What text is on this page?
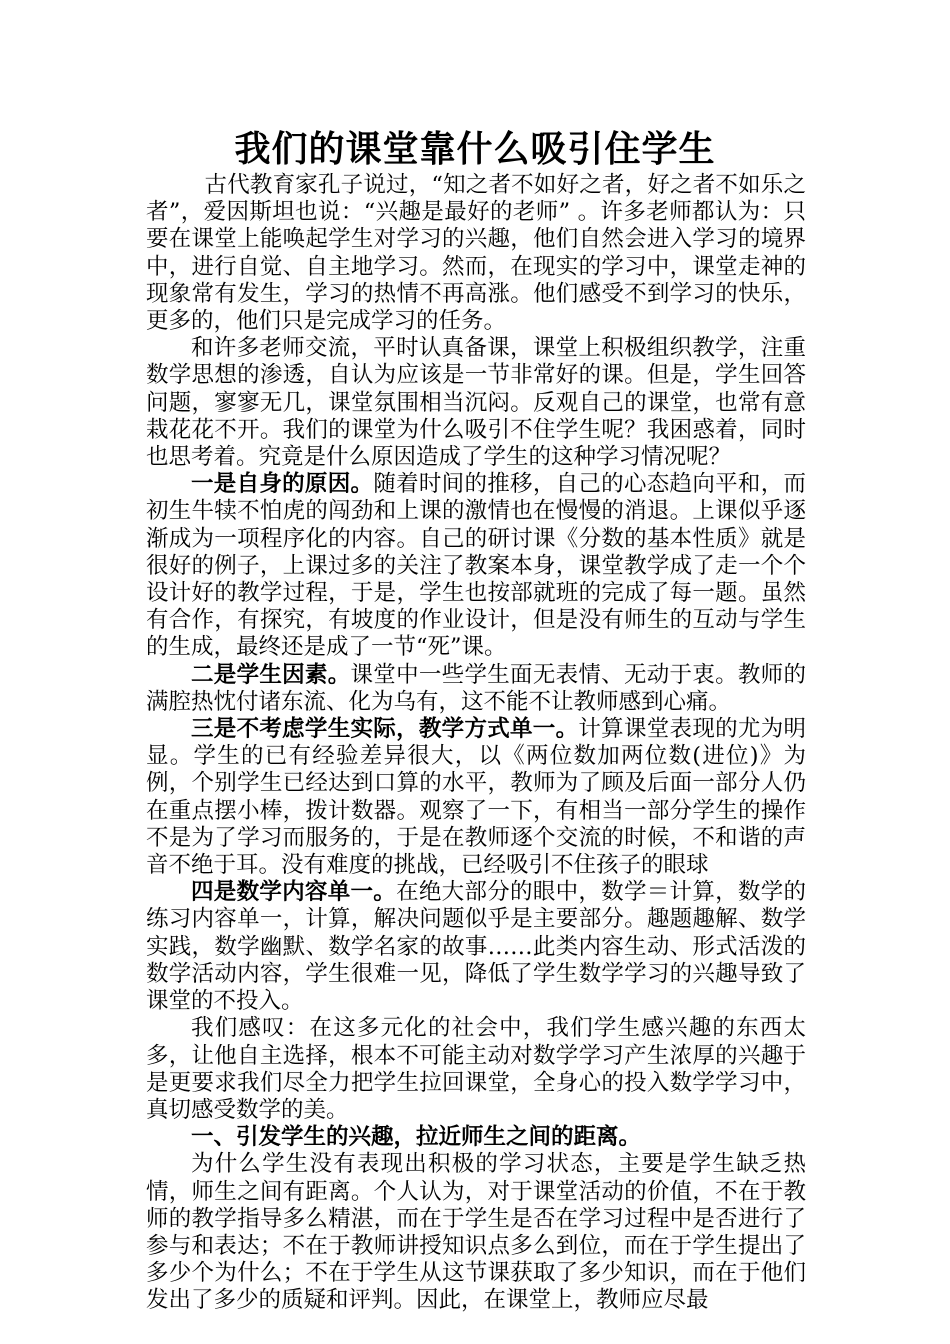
我们的课堂靠什么吸引住学生

古代教育家孔子说过，“知之者不如好之者，好之者不如乐之者”，爱因斯坦也说：“兴趣是最好的老师” 。许多老师都认为：只要在课堂上能唤起学生对学习的兴趣，他们自然会进入学习的境界中，进行自觉、自主地学习。然而，在现实的学习中，课堂走神的现象常有发生，学习的热情不再高涨。他们感受不到学习的快乐，更多的，他们只是完成学习的任务。

和许多老师交流，平时认真备课，课堂上积极组织教学，注重数学思想的渗透，自认为应该是一节非常好的课。但是，学生回答问题，寥寥无几，课堂氛围相当沉闷。反观自己的课堂，也常有意栽花花不开。我们的课堂为什么吸引不住学生呢？我困惑着，同时也思考着。究竟是什么原因造成了学生的这种学习情况呢？

一是自身的原因。随着时间的推移，自己的心态趋向平和，而初生牛犊不怕虎的闯劲和上课的激情也在慢慢的消退。上课似乎逐渐成为一项程序化的内容。自己的研讨课《分数的基本性质》就是很好的例子，上课过多的关注了教案本身，课堂教学成了走一个个设计好的教学过程，于是，学生也按部就班的完成了每一题。虽然有合作，有探究，有坡度的作业设计，但是没有师生的互动与学生的生成，最终还是成了一节“死”课。

二是学生因素。课堂中一些学生面无表情、无动于衷。教师的满腔热忱付诸东流、化为乌有，这不能不让教师感到心痛。

三是不考虑学生实际，教学方式单一。计算课堂表现的尤为明显。学生的已有经验差异很大，以《两位数加两位数(进位)》为例，个别学生已经达到口算的水平，教师为了顾及后面一部分人仍在重点摆小棒，拨计数器。观察了一下，有相当一部分学生的操作不是为了学习而服务的，于是在教师逐个交流的时候，不和谐的声音不绝于耳。没有难度的挑战，已经吸引不住孩子的眼球

四是数学内容单一。在绝大部分的眼中，数学＝计算，数学的练习内容单一，计算，解决问题似乎是主要部分。趣题趣解、数学实践，数学幽默、数学名家的故事……此类内容生动、形式活泼的数学活动内容，学生很难一见，降低了学生数学学习的兴趣导致了课堂的不投入。

我们感叹：在这多元化的社会中，我们学生感兴趣的东西太多，让他自主选择，根本不可能主动对数学学习产生浓厚的兴趣于是更要求我们尽全力把学生拉回课堂，全身心的投入数学学习中，真切感受数学的美。

一、引发学生的兴趣，拉近师生之间的距离。

为什么学生没有表现出积极的学习状态，主要是学生缺乏热情，师生之间有距离。个人认为，对于课堂活动的价值，不在于教师的教学指导多么精湛，而在于学生是否在学习过程中是否进行了参与和表达；不在于教师讲授知识点多么到位，而在于学生提出了多少个为什么；不在于学生从这节课获取了多少知识，而在于他们发出了多少的质疑和评判。因此，在课堂上，教师应尽最
